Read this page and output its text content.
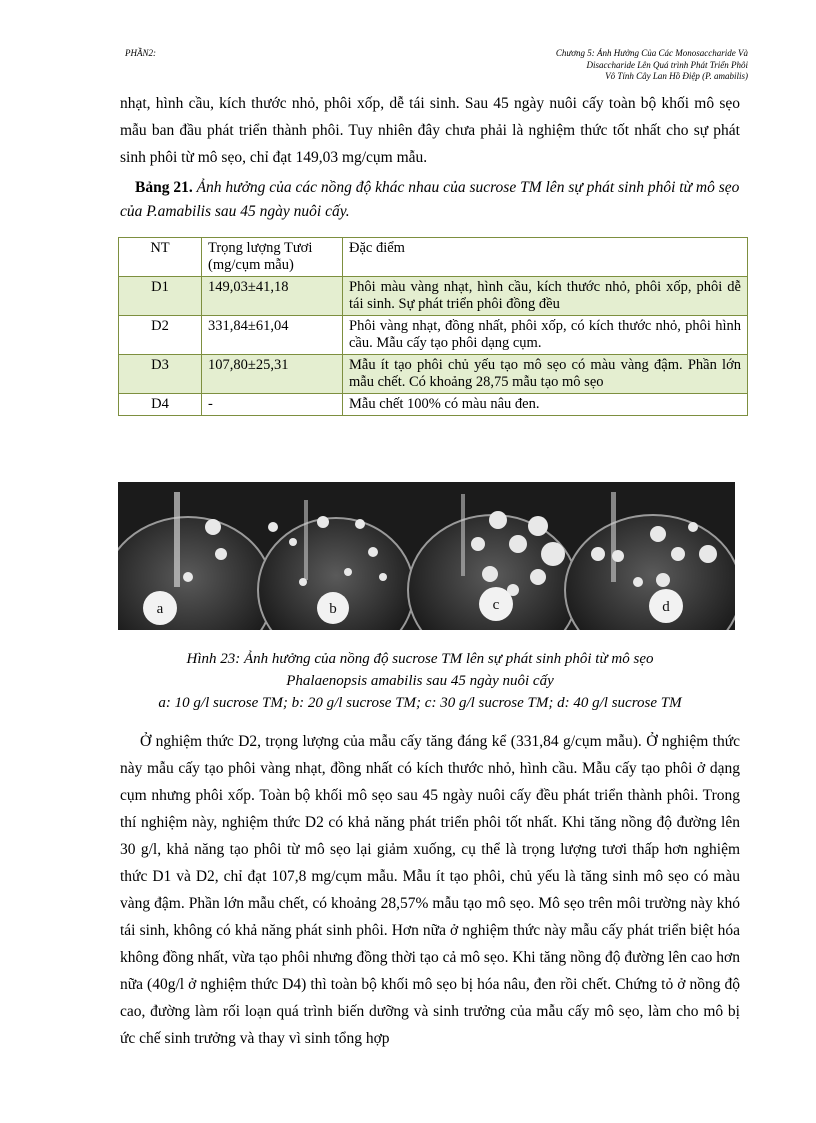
PHẦN2:	Chương 5: Ảnh Hưởng Của Các Monosaccharide Và
Disaccharide Lên Quá trình Phát Triển Phôi
Vô Tính Cây Lan Hồ Điệp (P. amabilis)
nhạt, hình cầu, kích thước nhỏ, phôi xốp, dễ tái sinh. Sau 45 ngày nuôi cấy toàn bộ khối mô sẹo mẫu ban đầu phát triển thành phôi. Tuy nhiên đây chưa phải là nghiệm thức tốt nhất cho sự phát sinh phôi từ mô sẹo, chỉ đạt 149,03 mg/cụm mẫu.
Bảng 21. Ảnh hưởng của các nồng độ khác nhau của sucrose TM lên sự phát sinh phôi từ mô sẹo của P.amabilis sau 45 ngày nuôi cấy.
NT	Trọng lượng Tươi (mg/cụm mẫu)	Đặc điểm
D1	149,03±41,18	Phôi màu vàng nhạt, hình cầu, kích thước nhỏ, phôi xốp, phôi dễ tái sinh. Sự phát triển phôi đồng đều
D2	331,84±61,04	Phôi vàng nhạt, đồng nhất, phôi xốp, có kích thước nhỏ, phôi hình cầu. Mẫu cấy tạo phôi dạng cụm.
D3	107,80±25,31	Mẫu ít tạo phôi chủ yếu tạo mô sẹo có màu vàng đậm. Phần lớn mẫu chết. Có khoảng 28,75 mẫu tạo mô sẹo
D4	-	Mẫu chết 100% có màu nâu đen.
a	b	c	d
Hình 23: Ảnh hưởng của nồng độ sucrose TM lên sự phát sinh phôi từ mô sẹo
Phalaenopsis amabilis sau 45 ngày nuôi cấy
a: 10 g/l sucrose TM; b: 20 g/l sucrose TM; c: 30 g/l sucrose TM; d: 40 g/l sucrose TM
Ở nghiệm thức D2, trọng lượng của mẫu cấy tăng đáng kể (331,84 g/cụm mẫu). Ở nghiệm thức này mẫu cấy tạo phôi vàng nhạt, đồng nhất có kích thước nhỏ, hình cầu. Mẫu cấy tạo phôi ở dạng cụm nhưng phôi xốp. Toàn bộ khối mô sẹo sau 45 ngày nuôi cấy đều phát triển thành phôi. Trong thí nghiệm này, nghiệm thức D2 có khả năng phát triển phôi tốt nhất. Khi tăng nồng độ đường lên 30 g/l, khả năng tạo phôi từ mô sẹo lại giảm xuống, cụ thể là trọng lượng tươi thấp hơn nghiệm thức D1 và D2, chỉ đạt 107,8 mg/cụm mẫu. Mẫu ít tạo phôi, chủ yếu là tăng sinh mô sẹo có màu vàng đậm. Phần lớn mẫu chết, có khoảng 28,57% mẫu tạo mô sẹo. Mô sẹo trên môi trường này khó tái sinh, không có khả năng phát sinh phôi. Hơn nữa ở nghiệm thức này mẫu cấy phát triển biệt hóa không đồng nhất, vừa tạo phôi nhưng đồng thời tạo cả mô sẹo. Khi tăng nồng độ đường lên cao hơn nữa (40g/l ở nghiệm thức D4) thì toàn bộ khối mô sẹo bị hóa nâu, đen rồi chết. Chứng tỏ ở nồng độ cao, đường làm rối loạn quá trình biến dưỡng và sinh trưởng của mẫu cấy mô sẹo, làm cho mô bị ức chế sinh trưởng và thay vì sinh tổng hợp
